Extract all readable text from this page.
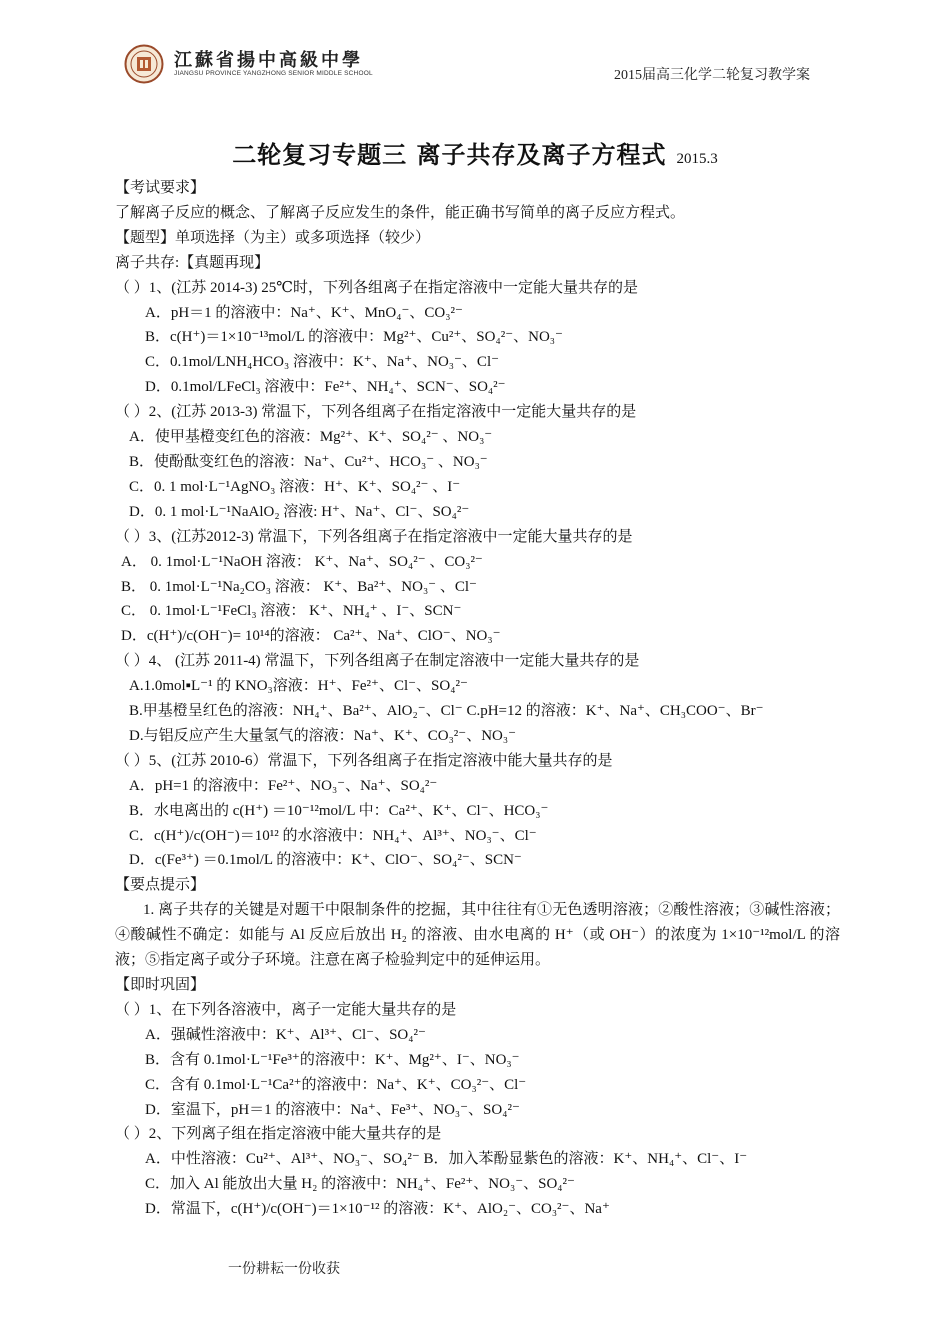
江蘇省揚中高級中學
JIANGSU PROVINCE YANGZHONG SENIOR MIDDLE SCHOOL	2015届高三化学二轮复习教学案
二轮复习专题三 离子共存及离子方程式 2015.3
【考试要求】
了解离子反应的概念、了解离子反应发生的条件，能正确书写简单的离子反应方程式。
【题型】单项选择（为主）或多项选择（较少）
离子共存:【真题再现】
（ ）1、(江苏 2014-3) 25℃时，下列各组离子在指定溶液中一定能大量共存的是
A．pH＝1 的溶液中：Na⁺、K⁺、MnO₄⁻、CO₃²⁻
B．c(H⁺)＝1×10⁻¹³mol/L 的溶液中：Mg²⁺、Cu²⁺、SO₄²⁻、NO₃⁻
C．0.1mol/LNH₄HCO₃ 溶液中：K⁺、Na⁺、NO₃⁻、Cl⁻
D．0.1mol/LFeCl₃ 溶液中：Fe²⁺、NH₄⁺、SCN⁻、SO₄²⁻
（ ）2、(江苏 2013-3) 常温下，下列各组离子在指定溶液中一定能大量共存的是
A．使甲基橙变红色的溶液：Mg²⁺、K⁺、SO₄²⁻ 、NO₃⁻
B．使酚酞变红色的溶液：Na⁺、Cu²⁺、HCO₃⁻ 、NO₃⁻
C．0. 1 mol·L⁻¹AgNO₃ 溶液：H⁺、K⁺、SO₄²⁻ 、I⁻
D．0. 1 mol·L⁻¹NaAlO₂ 溶液: H⁺、Na⁺、Cl⁻、SO₄²⁻
（ ）3、(江苏2012-3) 常温下，下列各组离子在指定溶液中一定能大量共存的是
A． 0. 1mol·L⁻¹NaOH 溶液： K⁺、Na⁺、SO₄²⁻ 、CO₃²⁻
B． 0. 1mol·L⁻¹Na₂CO₃ 溶液： K⁺、Ba²⁺、NO₃⁻ 、Cl⁻
C． 0. 1mol·L⁻¹FeCl₃ 溶液： K⁺、NH₄⁺ 、I⁻、SCN⁻
D．c(H⁺)/c(OH⁻)= 10¹⁴的溶液： Ca²⁺、Na⁺、ClO⁻、NO₃⁻
（ ）4、 (江苏 2011-4) 常温下，下列各组离子在制定溶液中一定能大量共存的是
A.1.0mol▪L⁻¹ 的 KNO₃溶液：H⁺、Fe²⁺、Cl⁻、SO₄²⁻
B.甲基橙呈红色的溶液：NH₄⁺、Ba²⁺、AlO₂⁻、Cl⁻ C.pH=12 的溶液：K⁺、Na⁺、CH₃COO⁻、Br⁻
D.与铝反应产生大量氢气的溶液：Na⁺、K⁺、CO₃²⁻、NO₃⁻
（ ）5、(江苏 2010-6）常温下，下列各组离子在指定溶液中能大量共存的是
A．pH=1 的溶液中：Fe²⁺、NO₃⁻、Na⁺、SO₄²⁻
B．水电离出的 c(H⁺) ＝10⁻¹²mol/L 中：Ca²⁺、K⁺、Cl⁻、HCO₃⁻
C．c(H⁺)/c(OH⁻)＝10¹² 的水溶液中：NH₄⁺、Al³⁺、NO₃⁻、Cl⁻
D．c(Fe³⁺) ＝0.1mol/L 的溶液中：K⁺、ClO⁻、SO₄²⁻、SCN⁻
【要点提示】
1. 离子共存的关键是对题干中限制条件的挖掘，其中往往有①无色透明溶液；②酸性溶液；③碱性溶液；④酸碱性不确定：如能与 Al 反应后放出 H₂ 的溶液、由水电离的 H⁺（或 OH⁻）的浓度为 1×10⁻¹²mol/L 的溶液；⑤指定离子或分子环境。注意在离子检验判定中的延伸运用。
【即时巩固】
（ ）1、在下列各溶液中，离子一定能大量共存的是
A．强碱性溶液中：K⁺、Al³⁺、Cl⁻、SO₄²⁻
B．含有 0.1mol·L⁻¹Fe³⁺的溶液中：K⁺、Mg²⁺、I⁻、NO₃⁻
C．含有 0.1mol·L⁻¹Ca²⁺的溶液中：Na⁺、K⁺、CO₃²⁻、Cl⁻
D．室温下，pH＝1 的溶液中：Na⁺、Fe³⁺、NO₃⁻、SO₄²⁻
（ ）2、下列离子组在指定溶液中能大量共存的是
A．中性溶液：Cu²⁺、Al³⁺、NO₃⁻、SO₄²⁻ B．加入苯酚显紫色的溶液：K⁺、NH₄⁺、Cl⁻、I⁻
C．加入 Al 能放出大量 H₂ 的溶液中：NH₄⁺、Fe²⁺、NO₃⁻、SO₄²⁻
D．常温下，c(H⁺)/c(OH⁻)＝1×10⁻¹² 的溶液：K⁺、AlO₂⁻、CO₃²⁻、Na⁺
一份耕耘一份收获
